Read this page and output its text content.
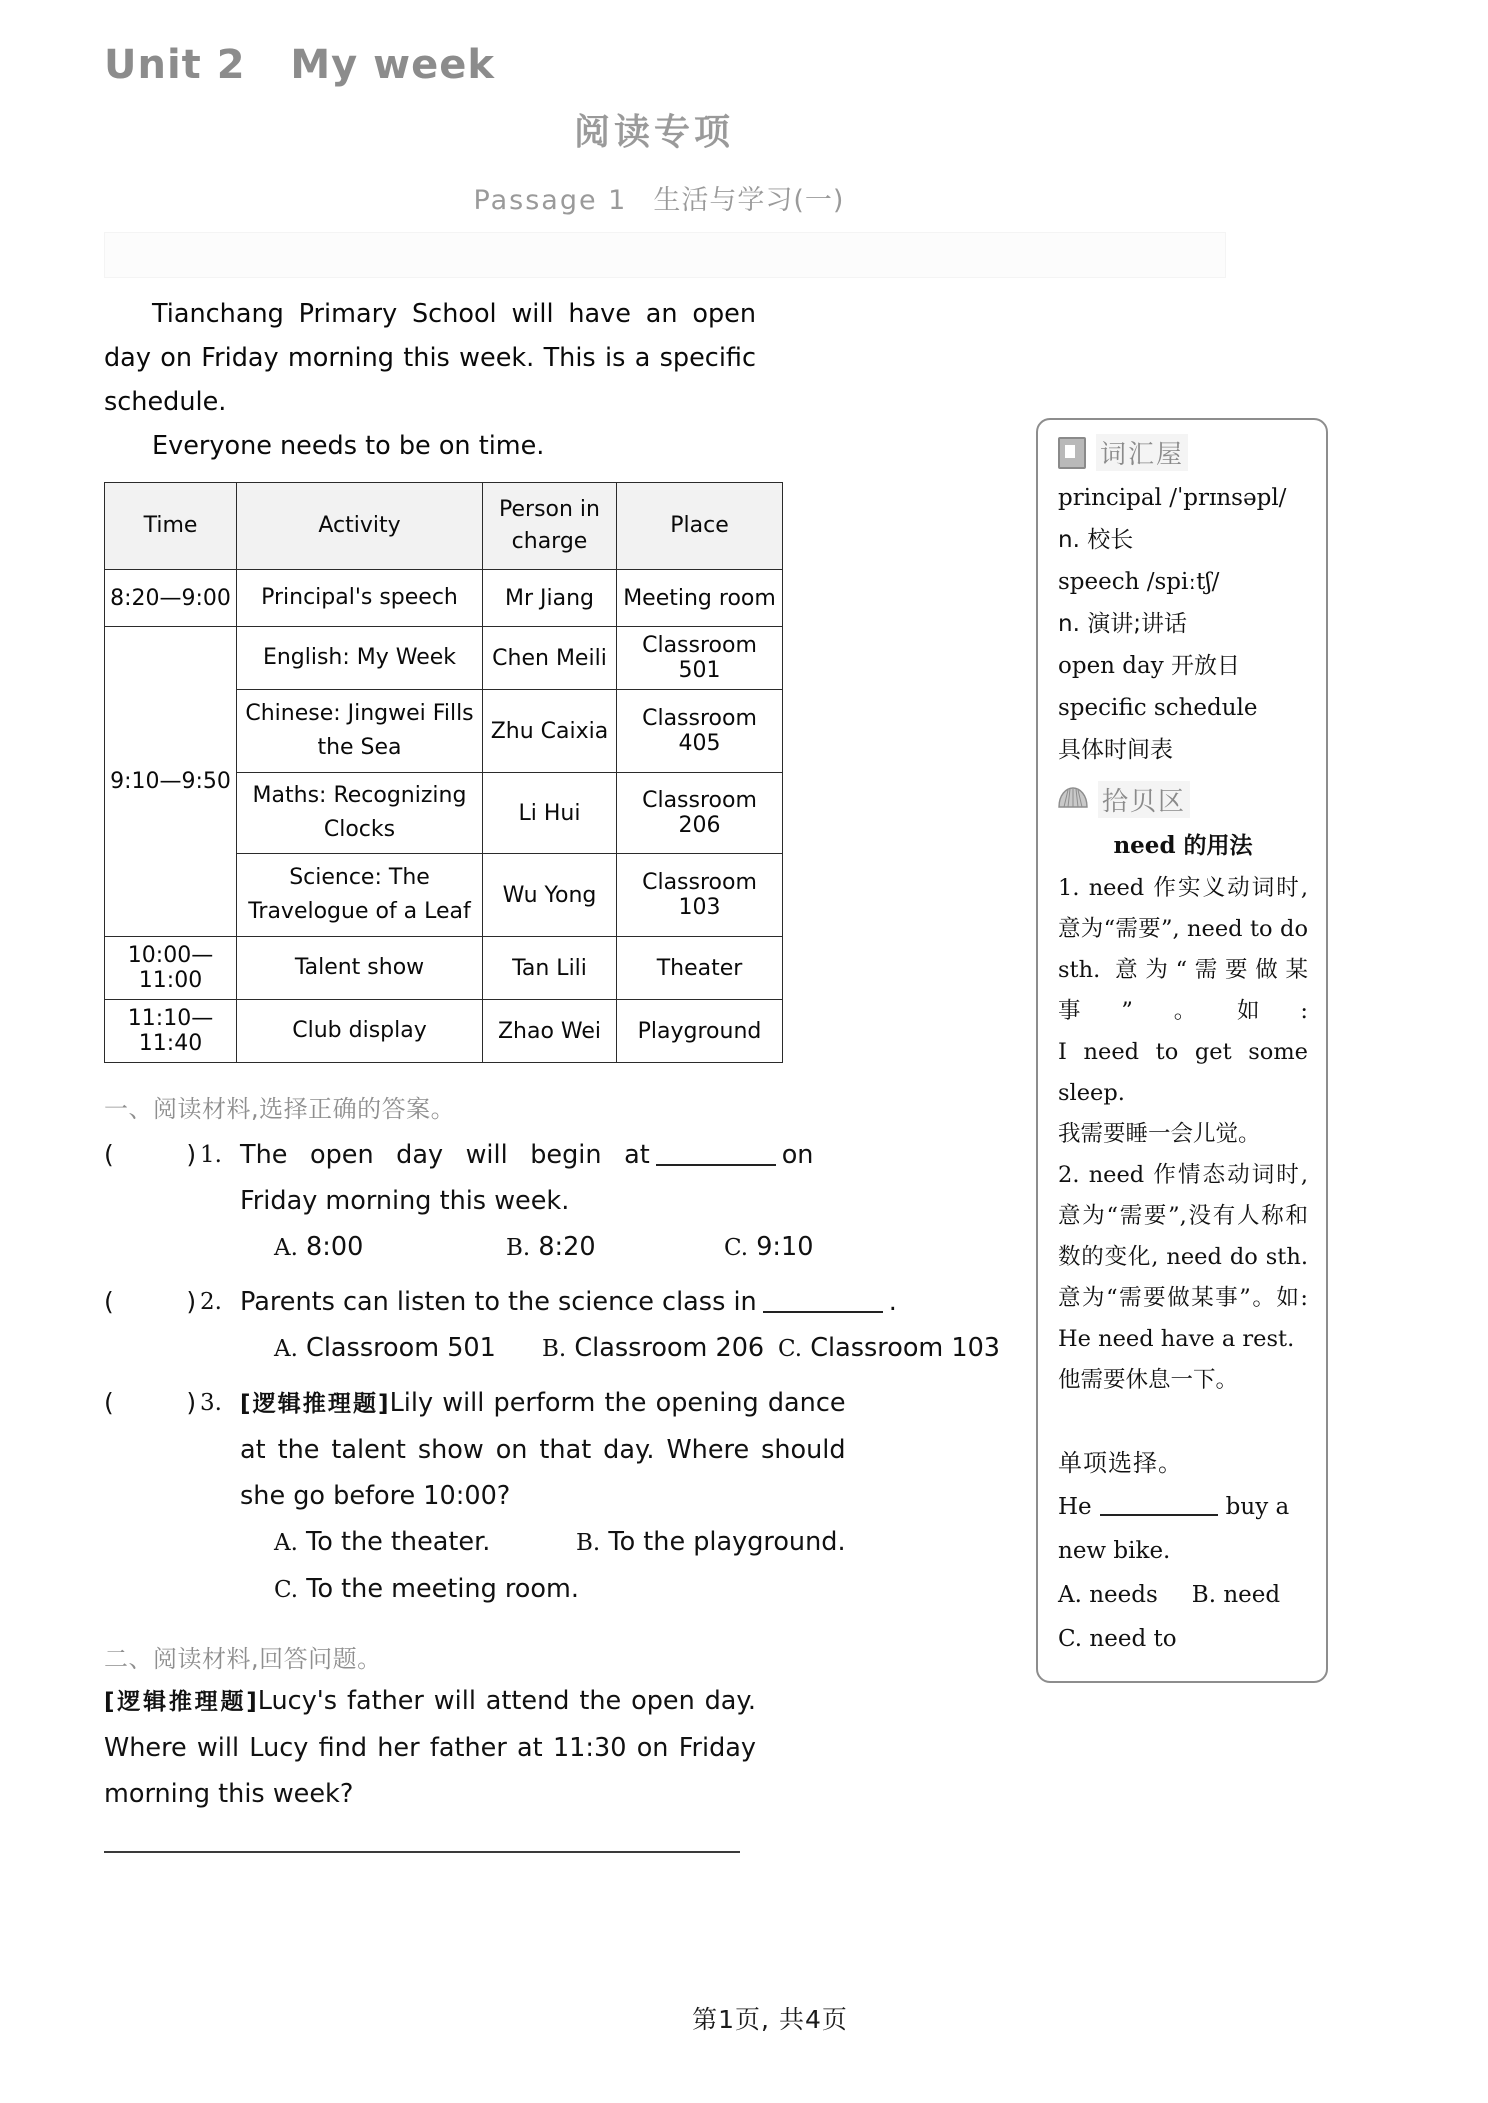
Unit 2   My week
阅读专项
Passage 1 生活与学习(一)

Tianchang Primary School will have an open day on Friday morning this week. This is a specific schedule.

Everyone needs to be on time.

Time	Activity	Person in charge	Place
8:20—9:00	Principal's speech	Mr Jiang	Meeting room
9:10—9:50	English: My Week	Chen Meili	Classroom 501
	Chinese: Jingwei Fills the Sea	Zhu Caixia	Classroom 405
	Maths: Recognizing Clocks	Li Hui	Classroom 206
	Science: The Travelogue of a Leaf	Wu Yong	Classroom 103
10:00—11:00	Talent show	Tan Lili	Theater
11:10—11:40	Club display	Zhao Wei	Playground
一、阅读材料,选择正确的答案。
(        ) 1. The open day will begin at	on Friday morning this week.
A. 8:00	B. 8:20	C. 9:10
(        ) 2. Parents can listen to the science class in	.
A. Classroom 501	B. Classroom 206 C. Classroom 103
(        ) 3. [逻辑推理题]Lily will perform the opening dance at the talent show on that day. Where should she go before 10:00?
A. To the theater.	B. To the playground.
C. To the meeting room.
二、阅读材料,回答问题。
[逻辑推理题]Lucy's father will attend the open day. Where will Lucy find her father at 11:30 on Friday morning this week?
词汇屋
principal /ˈprɪnsəpl/
n. 校长
speech /spiːtʃ/
n. 演讲;讲话
open day 开放日
specific schedule
具体时间表
拾贝区
need 的用法
1. need 作实义动词时,意为“需要”, need to do sth. 意为“需要做某事”。如:
I need to get some sleep.
我需要睡一会儿觉。
2. need 作情态动词时,意为“需要”,没有人称和数的变化, need do sth. 意为“需要做某事”。如:
He need have a rest.
他需要休息一下。
单项选择。
He	buy a new bike.
A. needs B. need
C. need to
第1页, 共4页
